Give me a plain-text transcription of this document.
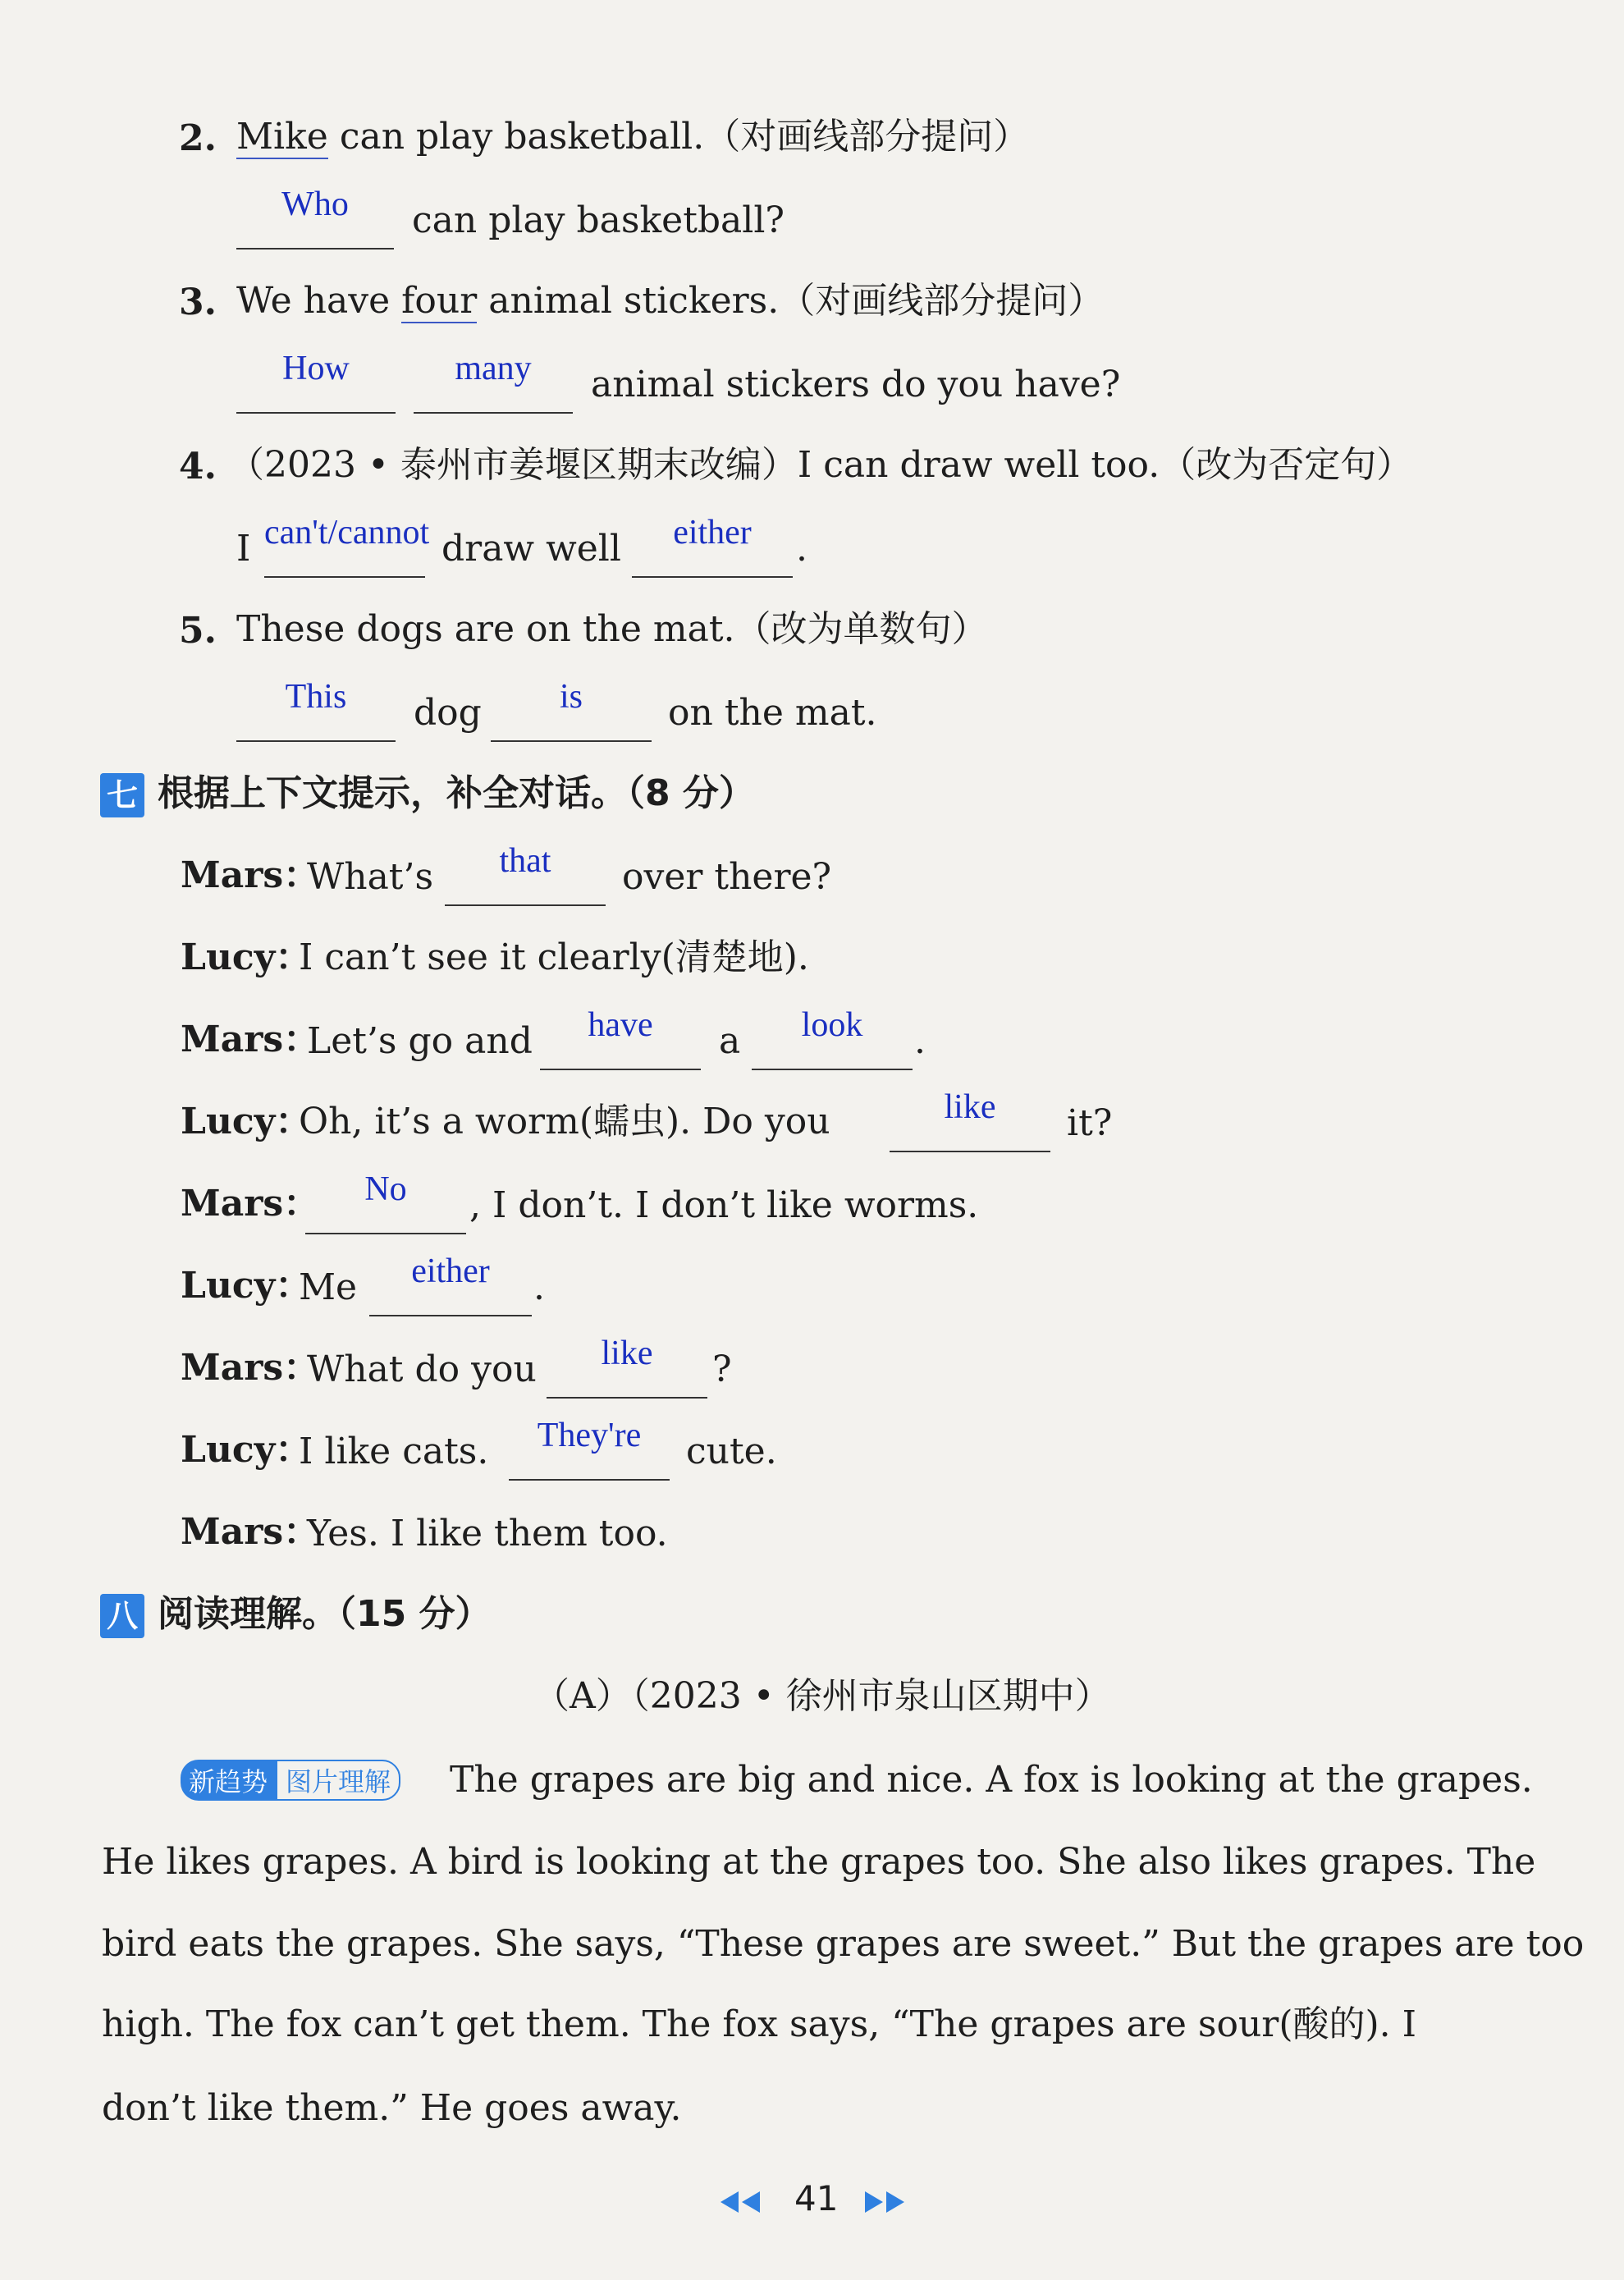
2. Mike can play basketball.（对画线部分提问）
Who	can play basketball?
3. We have four animal stickers.（对画线部分提问）
How	many	animal stickers do you have?
4. （2023 • 泰州市姜堰区期末改编）I can draw well too.（改为否定句）
I can't/cannot draw well	either	.
5. These dogs are on the mat.（改为单数句）
This	dog	is	on the mat.
七 根据上下文提示，补全对话。（8 分）
Mars：
What’s	that	over there?
Lucy：
I can’t see it clearly(清楚地).
Mars：
Let’s go and	have	a	look	.
Lucy：
Oh, it’s a worm(蠕虫). Do you	like	it?
Mars：	No	, I don’t. I don’t like worms.
Lucy：
Me	either	.
Mars：
What do you	like	?
Lucy：
I like cats.	They're	cute.
Mars：
Yes. I like them too.
八 阅读理解。（15 分）
（A）（2023 • 徐州市泉山区期中）
新趋势 图片理解 The grapes are big and nice. A fox is looking at the grapes.
He likes grapes. A bird is looking at the grapes too. She also likes grapes. The
bird eats the grapes. She says, “These grapes are sweet.” But the grapes are too
high. The fox can’t get them. The fox says, “The grapes are sour(酸的). I
don’t like them.” He goes away.
41
